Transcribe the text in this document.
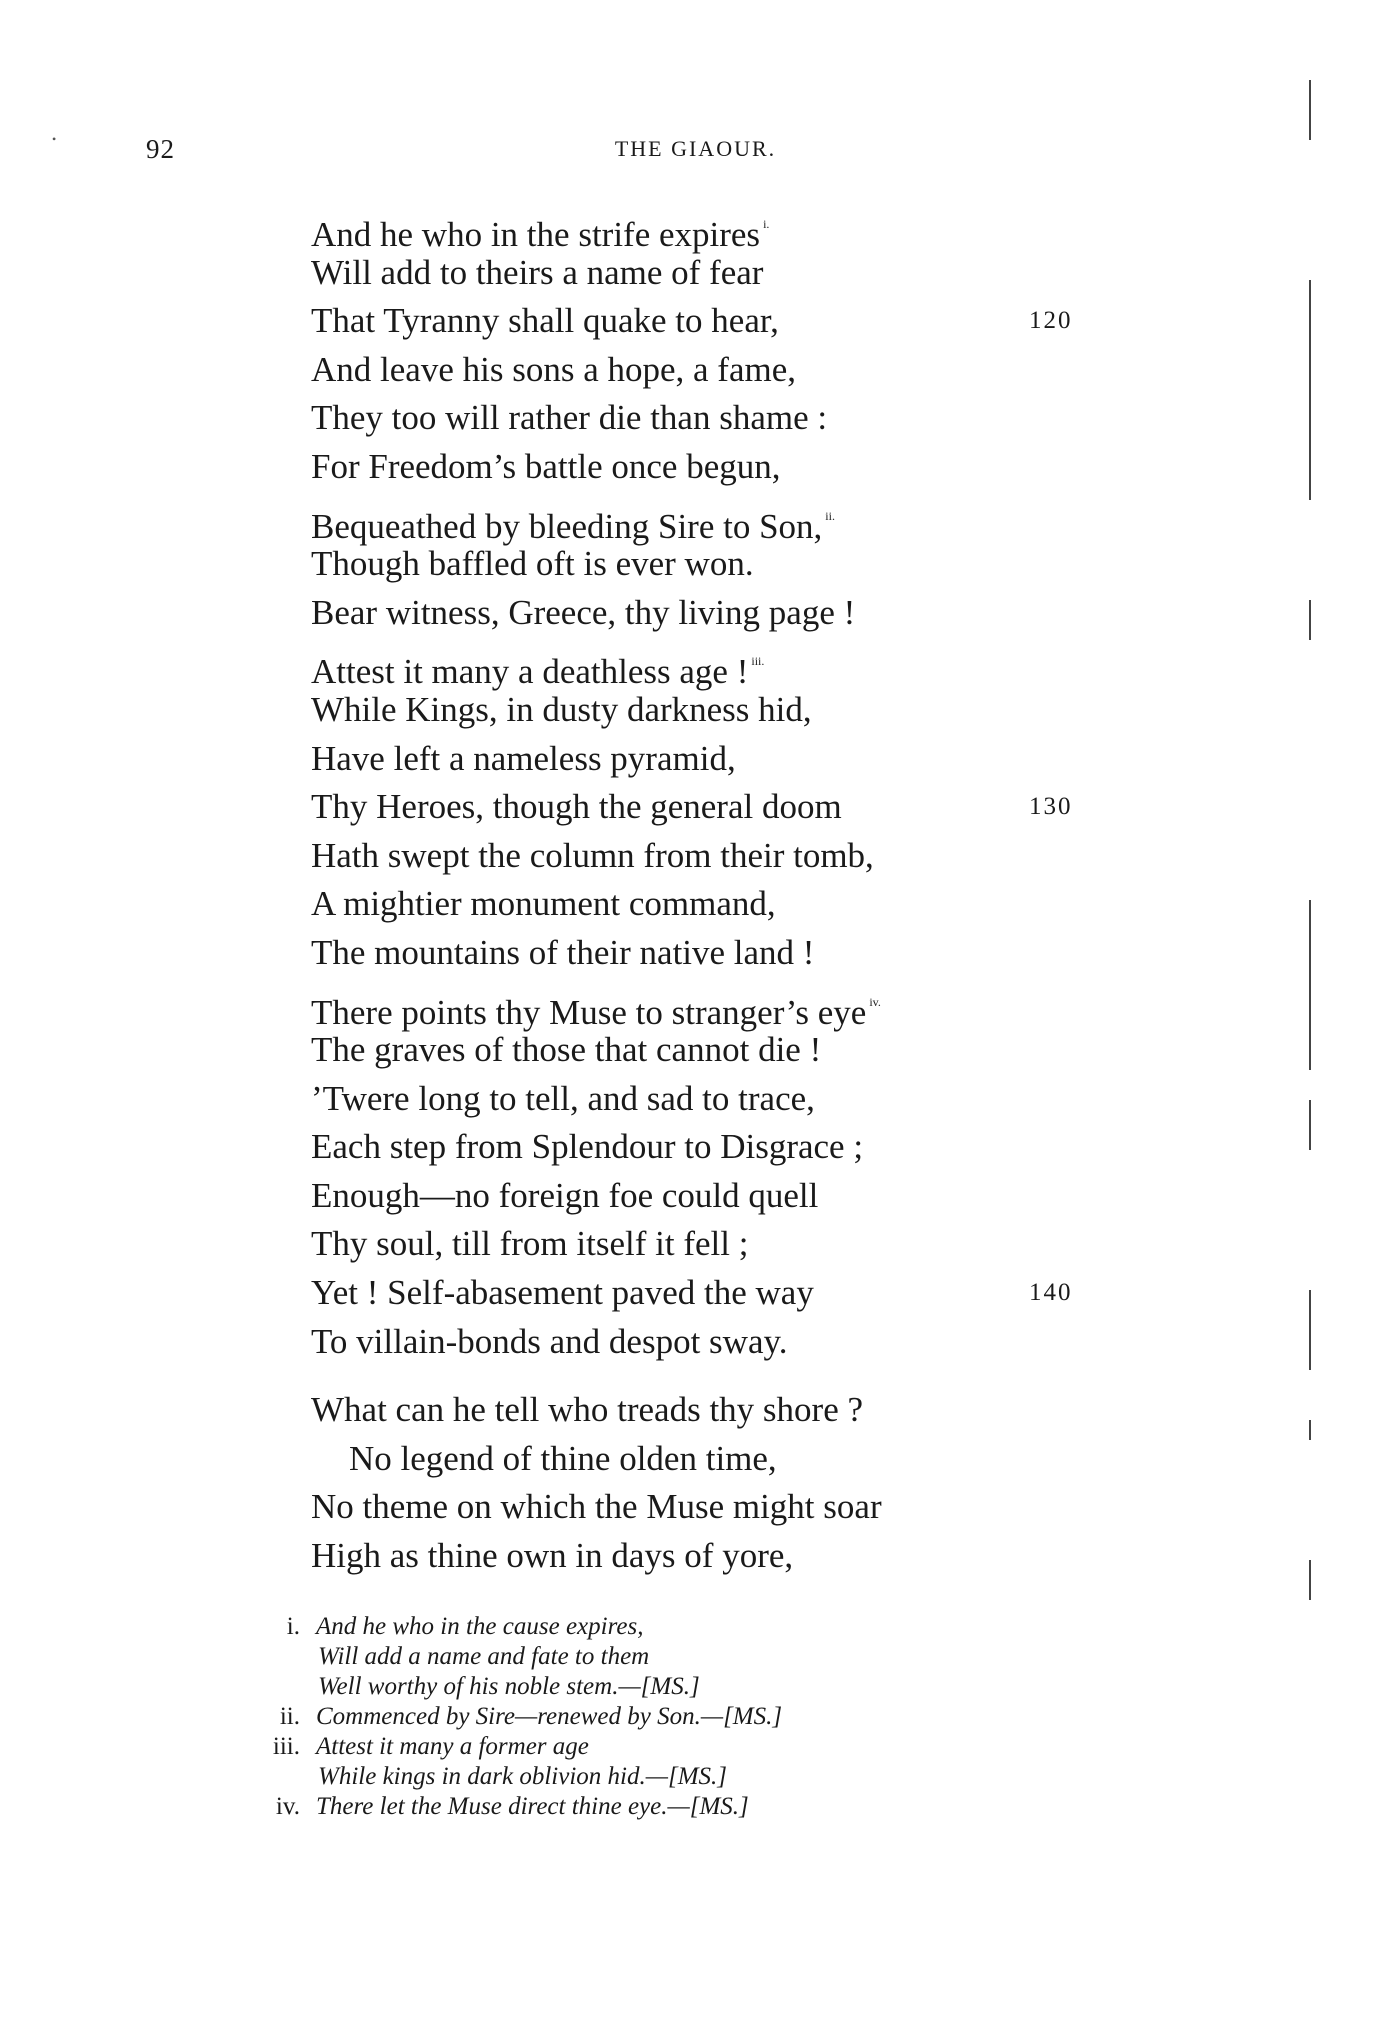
•	92	THE GIAOUR.
And he who in the strife expires $^{i.}$
Will add to theirs a name of fear
That Tyranny shall quake to hear,	120
And leave his sons a hope, a fame,
They too will rather die than shame :
For Freedom’s battle once begun,
Bequeathed by bleeding Sire to Son, $^{ii.}$
Though baffled oft is ever won.
Bear witness, Greece, thy living page !
Attest it many a deathless age ! $^{iii.}$
While Kings, in dusty darkness hid,
Have left a nameless pyramid,
Thy Heroes, though the general doom	130
Hath swept the column from their tomb,
A mightier monument command,
The mountains of their native land !
There points thy Muse to stranger’s eye $^{iv.}$
The graves of those that cannot die !
’Twere long to tell, and sad to trace,
Each step from Splendour to Disgrace ;
Enough—no foreign foe could quell
Thy soul, till from itself it fell ;
Yet ! Self-abasement paved the way	140
To villain-bonds and despot sway.
What can he tell who treads thy shore ?
No legend of thine olden time,
No theme on which the Muse might soar
High as thine own in days of yore,
i. And he who in the cause expires,
Will add a name and fate to them
Well worthy of his noble stem.—[MS.]
ii. Commenced by Sire—renewed by Son.—[MS.]
iii. Attest it many a former age
While kings in dark oblivion hid.—[MS.]
iv. There let the Muse direct thine eye.—[MS.]
